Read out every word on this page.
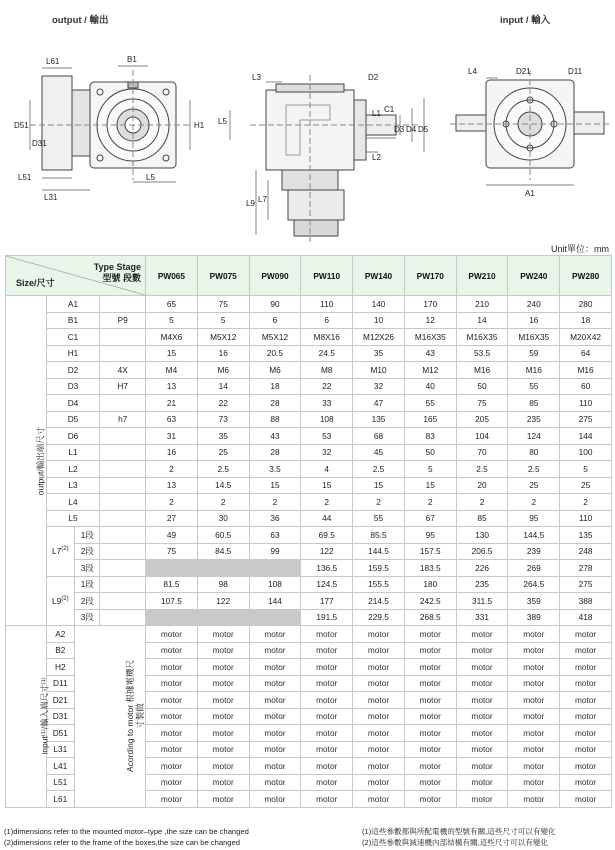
output / 輸出	input / 輸入
L61	B1
H1
D51
D31
L51
L31
L5
L3	D2
L5
L1 C1
D3 D4 D5
L2
L9 L7
L4	D21	D11
A1
Unit單位：mm
Type Stage
型號 段數
Size/尺寸				PW065	PW075	PW090	PW110	PW140	PW170	PW210	PW240	PW280
output/輸出端尺寸	A1			65	75	90	110	140	170	210	240	280
	B1		P9	5	5	6	6	10	12	14	16	18
	C1			M4X6	M5X12	M5X12	M8X16	M12X26	M16X35	M16X35	M16X35	M20X42
	H1			15	16	20.5	24.5	35	43	53.5	59	64
	D2		4X	M4	M6	M6	M8	M10	M12	M16	M16	M16
	D3		H7	13	14	18	22	32	40	50	55	60
	D4			21	22	28	33	47	55	75	85	110
	D5		h7	63	73	88	108	135	165	205	235	275
	D6			31	35	43	53	68	83	104	124	144
	L1			16	25	28	32	45	50	70	80	100
	L2			2	2.5	3.5	4	2.5	5	2.5	2.5	5
	L3			13	14.5	15	15	15	15	20	25	25
	L4			2	2	2	2	2	2	2	2	2
	L5			27	30	36	44	55	67	85	95	110
	L7$^{(2)}$	1段		49	60.5	63	69.5	85.5	95	130	144.5	135
		2段		75	84.5	99	122	144.5	157.5	206.5	239	248
		3段					136.5	159.5	183.5	226	269	278
	L9$^{(2)}$	1段		81.5	98	108	124.5	155.5	180	235	264.5	275
		2段		107.5	122	144	177	214.5	242.5	311.5	359	388
		3段					191.5	229.5	268.5	331	389	418
input⁽¹⁾/輸入端尺寸⁽¹⁾	A2	Acording to motor 根據電機尺寸製做		motor	motor	motor	motor	motor	motor	motor	motor	motor
	B2			motor	motor	motor	motor	motor	motor	motor	motor	motor
	H2			motor	motor	motor	motor	motor	motor	motor	motor	motor
	D11			motor	motor	motor	motor	motor	motor	motor	motor	motor
	D21			motor	motor	motor	motor	motor	motor	motor	motor	motor
	D31			motor	motor	motor	motor	motor	motor	motor	motor	motor
	D51			motor	motor	motor	motor	motor	motor	motor	motor	motor
	L31			motor	motor	motor	motor	motor	motor	motor	motor	motor
	L41			motor	motor	motor	motor	motor	motor	motor	motor	motor
	L51			motor	motor	motor	motor	motor	motor	motor	motor	motor
	L61			motor	motor	motor	motor	motor	motor	motor	motor	motor
(1)dimensions refer to the mounted motor–type ,the size can be changed
(2)dimensions refer to the frame of the boxes,the size can be changed
(1)這些參數都與所配電機的型號有關,這些尺寸可以有變化
(2)這些參數與減速機內部結構有關,這些尺寸可以有變化
